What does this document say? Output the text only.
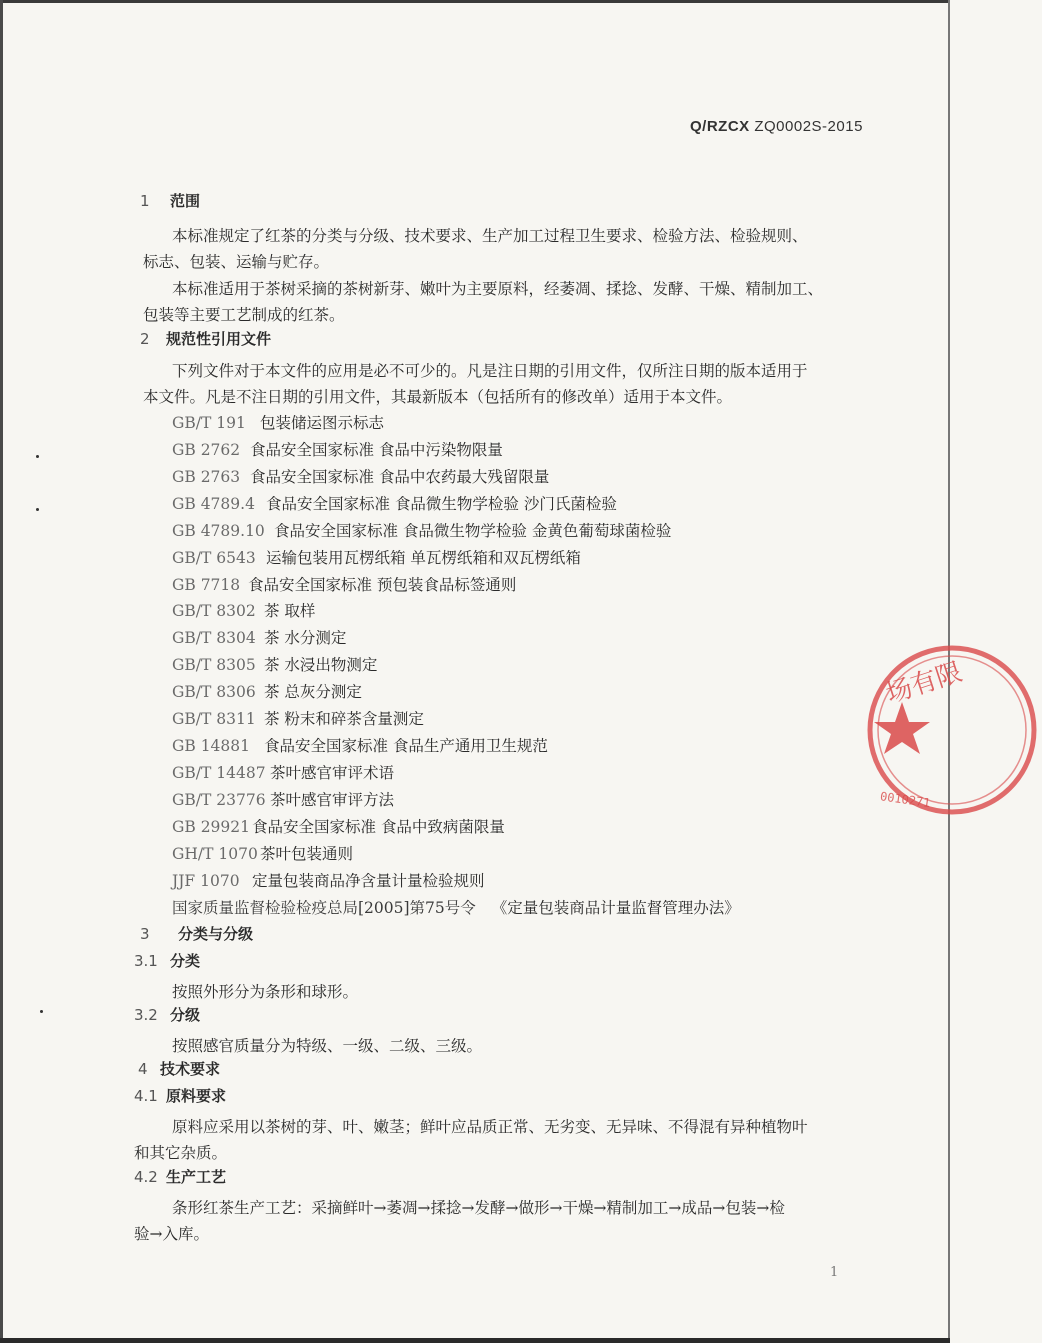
Q/RZCX ZQ0002S-2015
1 范围
本标准规定了红茶的分类与分级、技术要求、生产加工过程卫生要求、检验方法、检验规则、
标志、包装、运输与贮存。
本标准适用于茶树采摘的茶树新芽、嫩叶为主要原料，经萎凋、揉捻、发酵、干燥、精制加工、
包装等主要工艺制成的红茶。
2 规范性引用文件
下列文件对于本文件的应用是必不可少的。凡是注日期的引用文件，仅所注日期的版本适用于
本文件。凡是不注日期的引用文件，其最新版本（包括所有的修改单）适用于本文件。
GB/T 191 包装储运图示标志
GB 2762 食品安全国家标准 食品中污染物限量
GB 2763 食品安全国家标准 食品中农药最大残留限量
GB 4789.4 食品安全国家标准 食品微生物学检验 沙门氏菌检验
GB 4789.10 食品安全国家标准 食品微生物学检验 金黄色葡萄球菌检验
GB/T 6543 运输包装用瓦楞纸箱 单瓦楞纸箱和双瓦楞纸箱
GB 7718 食品安全国家标准 预包装食品标签通则
GB/T 8302 茶 取样
GB/T 8304 茶 水分测定
GB/T 8305 茶 水浸出物测定
GB/T 8306 茶 总灰分测定
GB/T 8311 茶 粉末和碎茶含量测定
GB 14881 食品安全国家标准 食品生产通用卫生规范
GB/T 14487 茶叶感官审评术语
GB/T 23776 茶叶感官审评方法
GB 29921 食品安全国家标准 食品中致病菌限量
GH/T 1070 茶叶包装通则
JJF 1070 定量包装商品净含量计量检验规则
国家质量监督检验检疫总局[2005]第75号令 《定量包装商品计量监督管理办法》
3 分类与分级
3.1 分类
按照外形分为条形和球形。
3.2 分级
按照感官质量分为特级、一级、二级、三级。
4 技术要求
4.1 原料要求
原料应采用以茶树的芽、叶、嫩茎；鲜叶应品质正常、无劣变、无异味、不得混有异种植物叶
和其它杂质。
4.2 生产工艺
条形红茶生产工艺：采摘鲜叶→萎凋→揉捻→发酵→做形→干燥→精制加工→成品→包装→检
验→入库。
1
场有限
0010271
